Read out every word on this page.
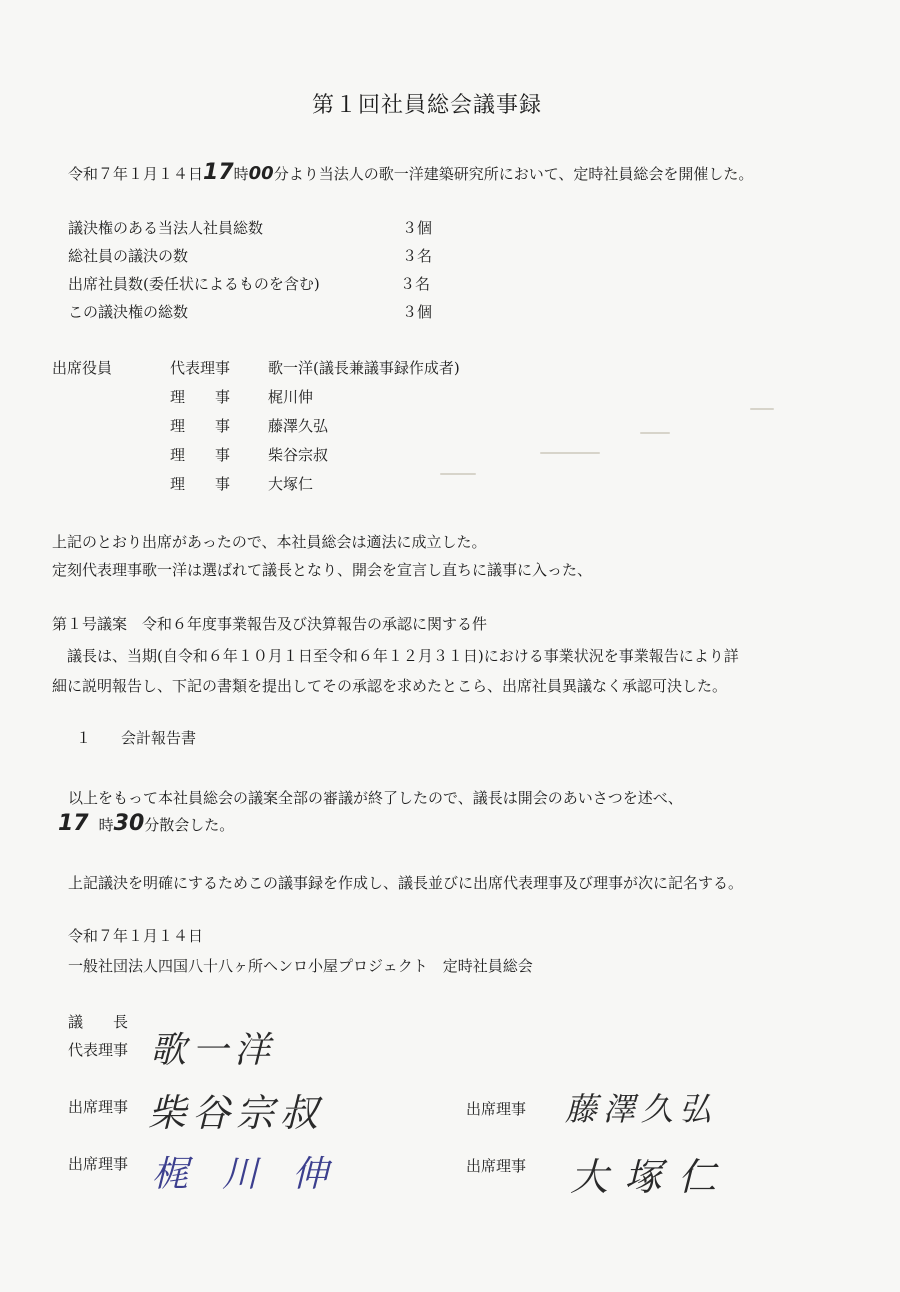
第１回社員総会議事録
令和７年１月１４日17時00分より当法人の歌一洋建築研究所において、定時社員総会を開催した。
議決権のある当法人社員総数	３個
総社員の議決の数	３名
出席社員数(委任状によるものを含む)	３名
この議決権の総数	３個
出席役員	代表理事	歌一洋(議長兼議事録作成者)
理　　事	梶川伸
理　　事	藤澤久弘
理　　事	柴谷宗叔
理　　事	大塚仁
上記のとおり出席があったので、本社員総会は適法に成立した。
定刻代表理事歌一洋は選ばれて議長となり、開会を宣言し直ちに議事に入った、
第１号議案　令和６年度事業報告及び決算報告の承認に関する件
　議長は、当期(自令和６年１０月１日至令和６年１２月３１日)における事業状況を事業報告により詳
細に説明報告し、下記の書類を提出してその承認を求めたとこら、出席社員異議なく承認可決した。
１　　会計報告書
以上をもって本社員総会の議案全部の審議が終了したので、議長は開会のあいさつを述べ、
17 時30分散会した。
上記議決を明確にするためこの議事録を作成し、議長並びに出席代表理事及び理事が次に記名する。
令和７年１月１４日
一般社団法人四国八十八ヶ所ヘンロ小屋プロジェクト　定時社員総会
議　　長
代表理事 歌一洋
出席理事 柴谷宗叔	出席理事 藤澤久弘
出席理事 梶川伸	出席理事 大塚仁
